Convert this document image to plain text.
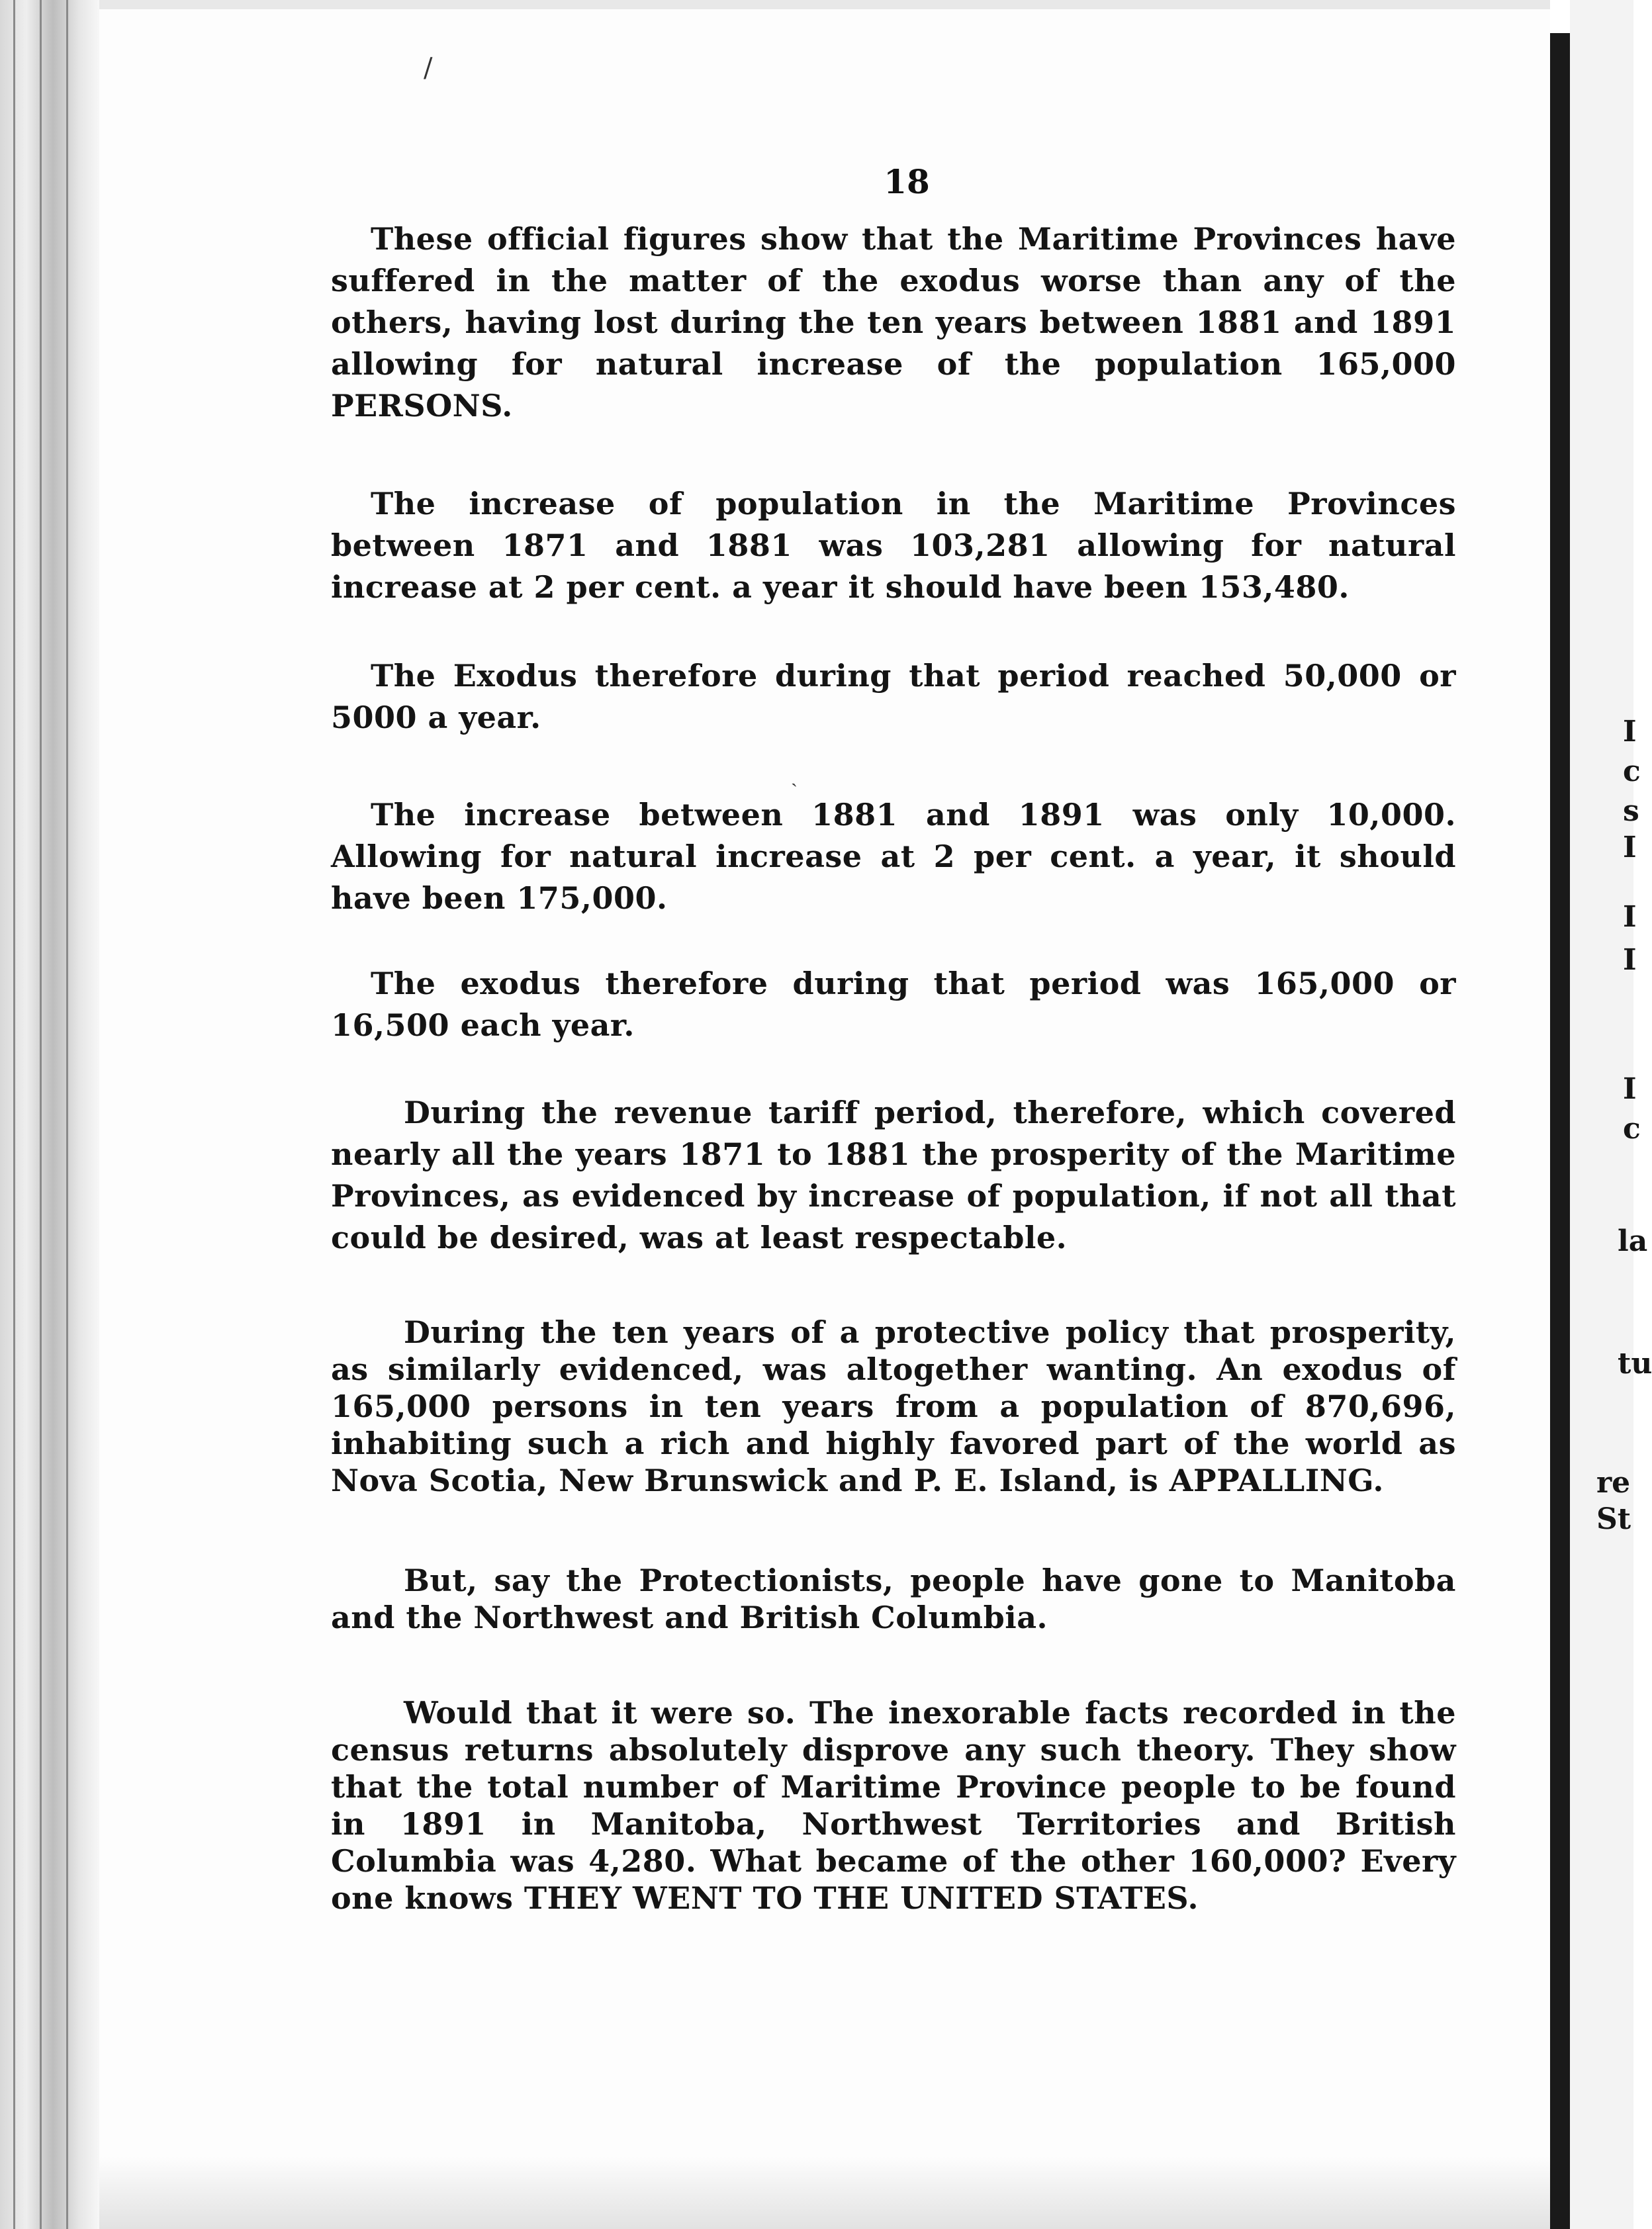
I
c
s
I
I
I
I
c
la
tu
re
St
/
ˎ
18

These official figures show that the Maritime Provinces have suffered in the matter of the exodus worse than any of the others, having lost during the ten years between 1881 and 1891 allowing for natural increase of the population 165,000 PERSONS.

The increase of population in the Maritime Provinces between 1871 and 1881 was 103,281 allowing for natural increase at 2 per cent. a year it should have been 153,480.

The Exodus therefore during that period reached 50,000 or 5000 a year.

The increase between 1881 and 1891 was only 10,000. Allowing for natural increase at 2 per cent. a year, it should have been 175,000.

The exodus therefore during that period was 165,000 or 16,500 each year.

During the revenue tariff period, therefore, which covered nearly all the years 1871 to 1881 the prosperity of the Maritime Provinces, as evidenced by increase of population, if not all that could be desired, was at least respectable.

During the ten years of a protective policy that prosperity, as similarly evidenced, was altogether wanting. An exodus of 165,000 persons in ten years from a population of 870,696, inhabiting such a rich and highly favored part of the world as Nova Scotia, New Brunswick and P. E. Island, is APPALLING.

But, say the Protectionists, people have gone to Manitoba and the Northwest and British Columbia.

Would that it were so. The inexorable facts recorded in the census returns absolutely disprove any such theory. They show that the total number of Maritime Province people to be found in 1891 in Manitoba, Northwest Territories and British Columbia was 4,280. What became of the other 160,000? Every one knows THEY WENT TO THE UNITED STATES.
